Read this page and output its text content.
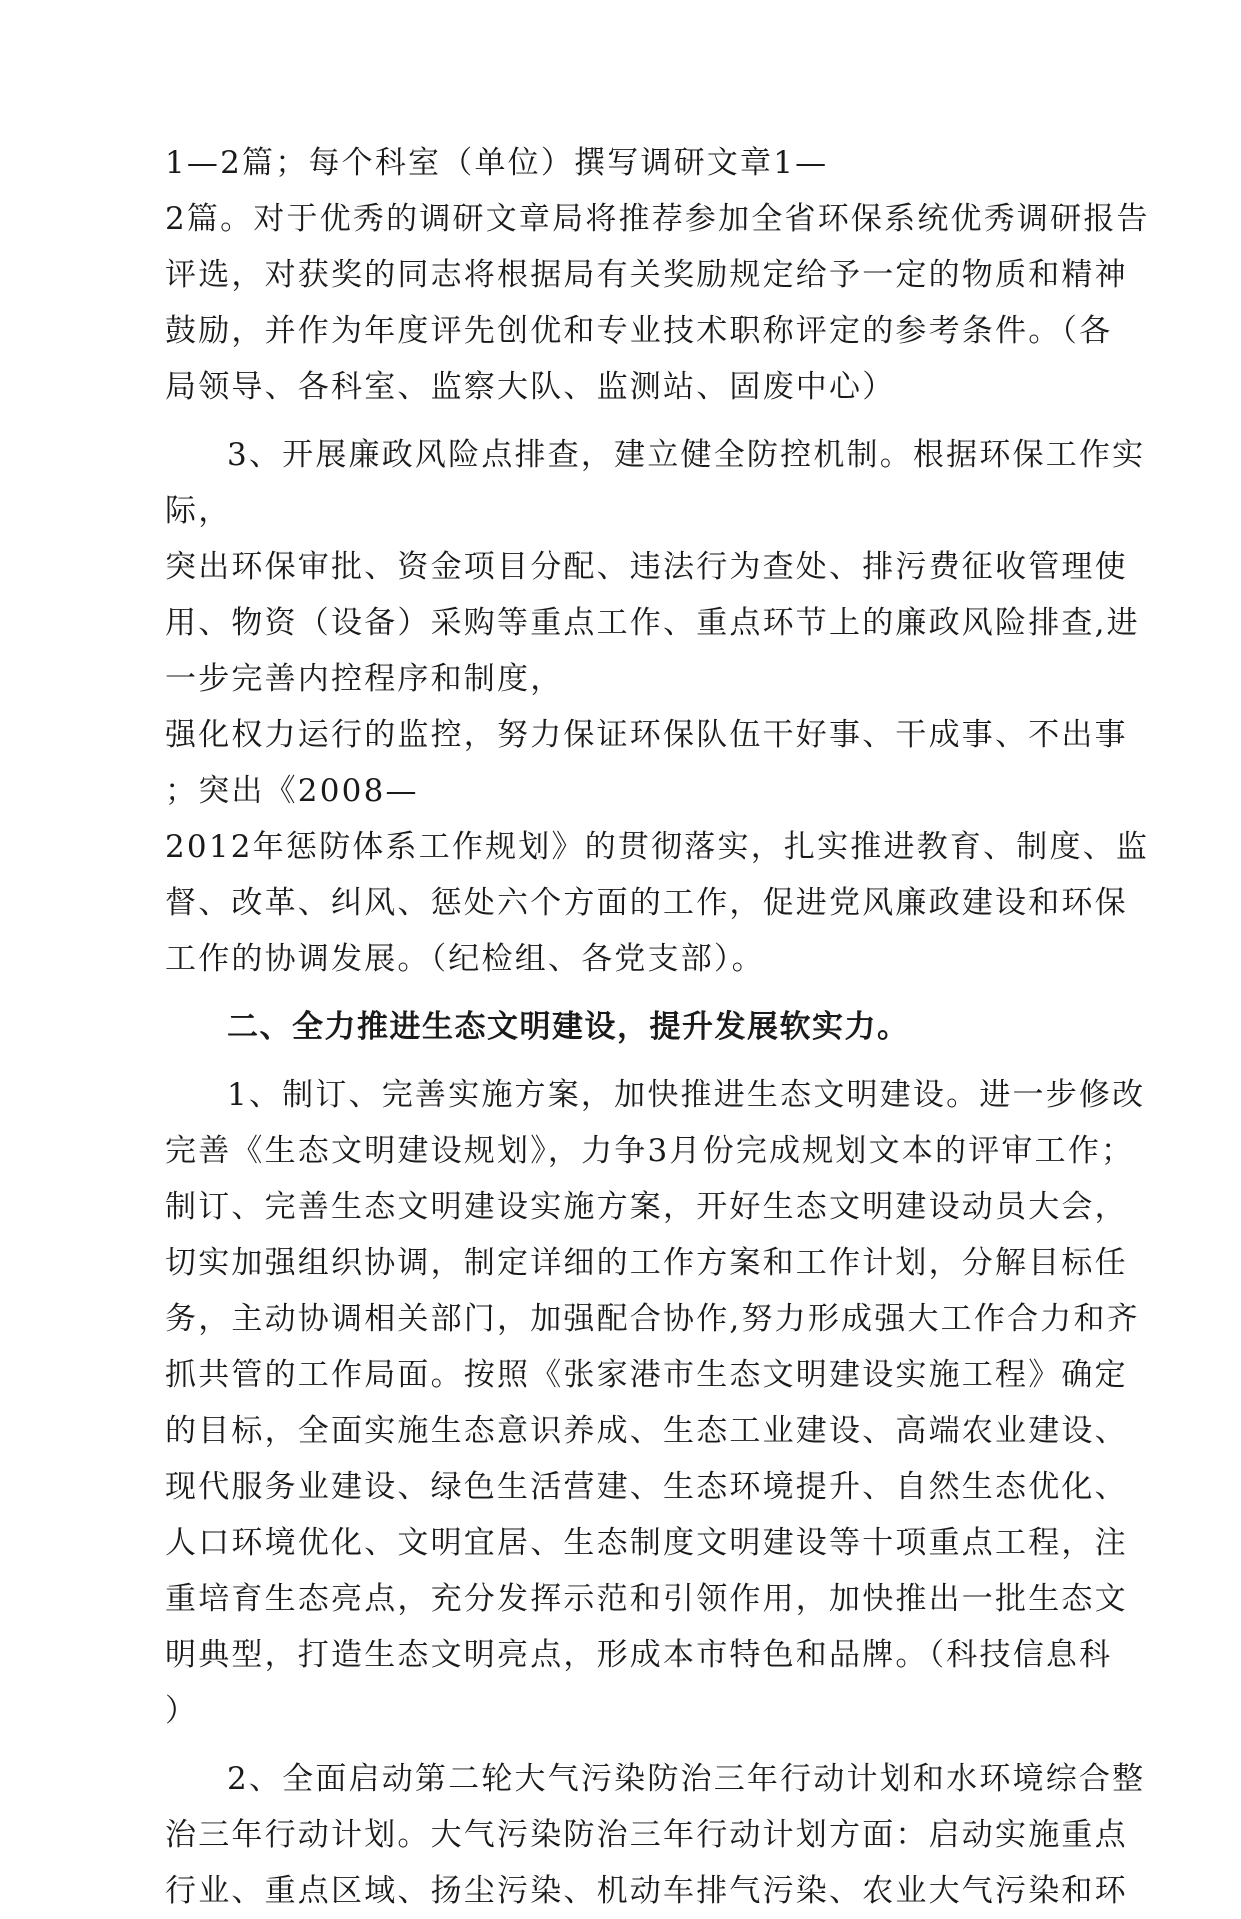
1—2篇；每个科室（单位）撰写调研文章1—
2篇。对于优秀的调研文章局将推荐参加全省环保系统优秀调研报告
评选，对获奖的同志将根据局有关奖励规定给予一定的物质和精神
鼓励，并作为年度评先创优和专业技术职称评定的参考条件。（各
局领导、各科室、监察大队、监测站、固废中心）
3、开展廉政风险点排查，建立健全防控机制。根据环保工作实
际，
突出环保审批、资金项目分配、违法行为查处、排污费征收管理使
用、物资（设备）采购等重点工作、重点环节上的廉政风险排查,进
一步完善内控程序和制度，
强化权力运行的监控，努力保证环保队伍干好事、干成事、不出事
；突出《2008—
2012年惩防体系工作规划》的贯彻落实，扎实推进教育、制度、监
督、改革、纠风、惩处六个方面的工作，促进党风廉政建设和环保
工作的协调发展。（纪检组、各党支部）。
二、全力推进生态文明建设，提升发展软实力。
1、制订、完善实施方案，加快推进生态文明建设。进一步修改
完善《生态文明建设规划》，力争3月份完成规划文本的评审工作；
制订、完善生态文明建设实施方案，开好生态文明建设动员大会，
切实加强组织协调，制定详细的工作方案和工作计划，分解目标任
务，主动协调相关部门，加强配合协作,努力形成强大工作合力和齐
抓共管的工作局面。按照《张家港市生态文明建设实施工程》确定
的目标，全面实施生态意识养成、生态工业建设、高端农业建设、
现代服务业建设、绿色生活营建、生态环境提升、自然生态优化、
人口环境优化、文明宜居、生态制度文明建设等十项重点工程，注
重培育生态亮点，充分发挥示范和引领作用，加快推出一批生态文
明典型，打造生态文明亮点，形成本市特色和品牌。（科技信息科
）
2、全面启动第二轮大气污染防治三年行动计划和水环境综合整
治三年行动计划。大气污染防治三年行动计划方面：启动实施重点
行业、重点区域、扬尘污染、机动车排气污染、农业大气污染和环
